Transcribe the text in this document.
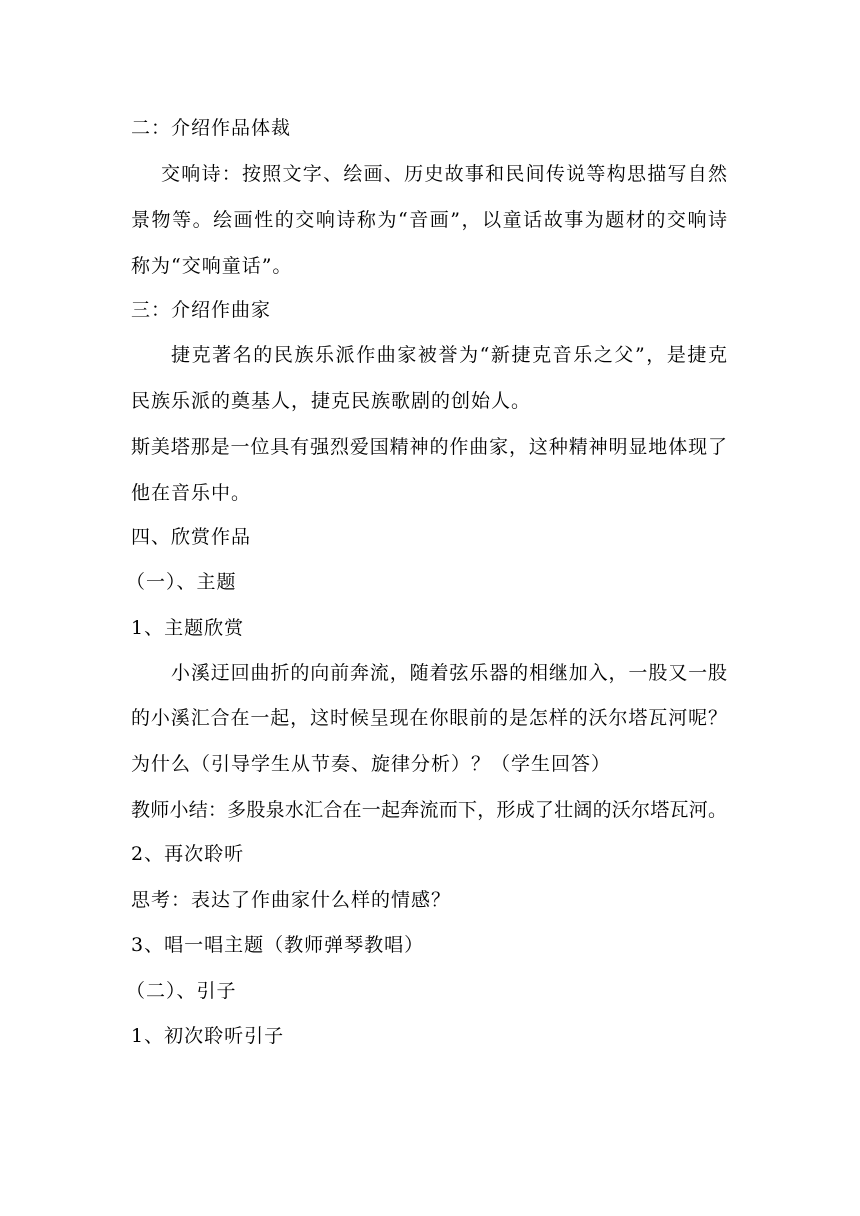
二：介绍作品体裁
交响诗：按照文字、绘画、历史故事和民间传说等构思描写自然
景物等。绘画性的交响诗称为“音画”，以童话故事为题材的交响诗
称为“交响童话”。
三：介绍作曲家
捷克著名的民族乐派作曲家被誉为“新捷克音乐之父”，是捷克
民族乐派的奠基人，捷克民族歌剧的创始人。
斯美塔那是一位具有强烈爱国精神的作曲家，这种精神明显地体现了
他在音乐中。
四、欣赏作品
（一）、主题
1、主题欣赏
小溪迂回曲折的向前奔流，随着弦乐器的相继加入，一股又一股
的小溪汇合在一起，这时候呈现在你眼前的是怎样的沃尔塔瓦河呢？
为什么（引导学生从节奏、旋律分析）？（学生回答）
教师小结：多股泉水汇合在一起奔流而下，形成了壮阔的沃尔塔瓦河。
2、再次聆听
思考：表达了作曲家什么样的情感？
3、唱一唱主题（教师弹琴教唱）
（二）、引子
1、初次聆听引子
